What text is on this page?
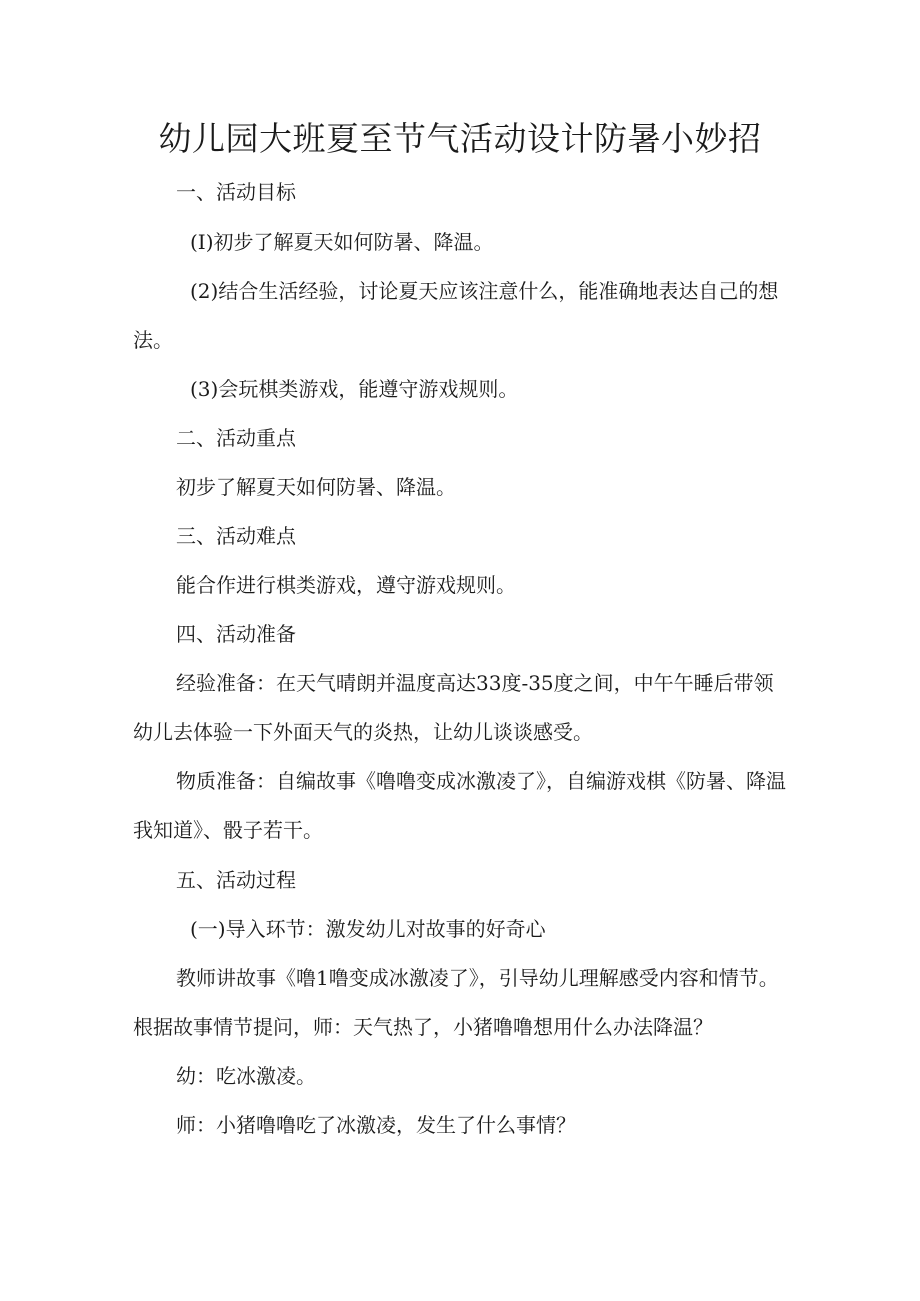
幼儿园大班夏至节气活动设计防暑小妙招

一、活动目标

(I)初步了解夏天如何防暑、降温。

(2)结合生活经验，讨论夏天应该注意什么，能准确地表达自己的想

法。

(3)会玩棋类游戏，能遵守游戏规则。

二、活动重点

初步了解夏天如何防暑、降温。

三、活动难点

能合作进行棋类游戏，遵守游戏规则。

四、活动准备

经验准备：在天气晴朗并温度高达33度-35度之间，中午午睡后带领

幼儿去体验一下外面天气的炎热，让幼儿谈谈感受。

物质准备：自编故事《噜噜变成冰激凌了》，自编游戏棋《防暑、降温

我知道》、骰子若干。

五、活动过程

(一)导入环节：激发幼儿对故事的好奇心

教师讲故事《噜1噜变成冰激凌了》，引导幼儿理解感受内容和情节。

根据故事情节提问，师：天气热了，小猪噜噜想用什么办法降温？

幼：吃冰激凌。

师：小猪噜噜吃了冰激凌，发生了什么事情？
